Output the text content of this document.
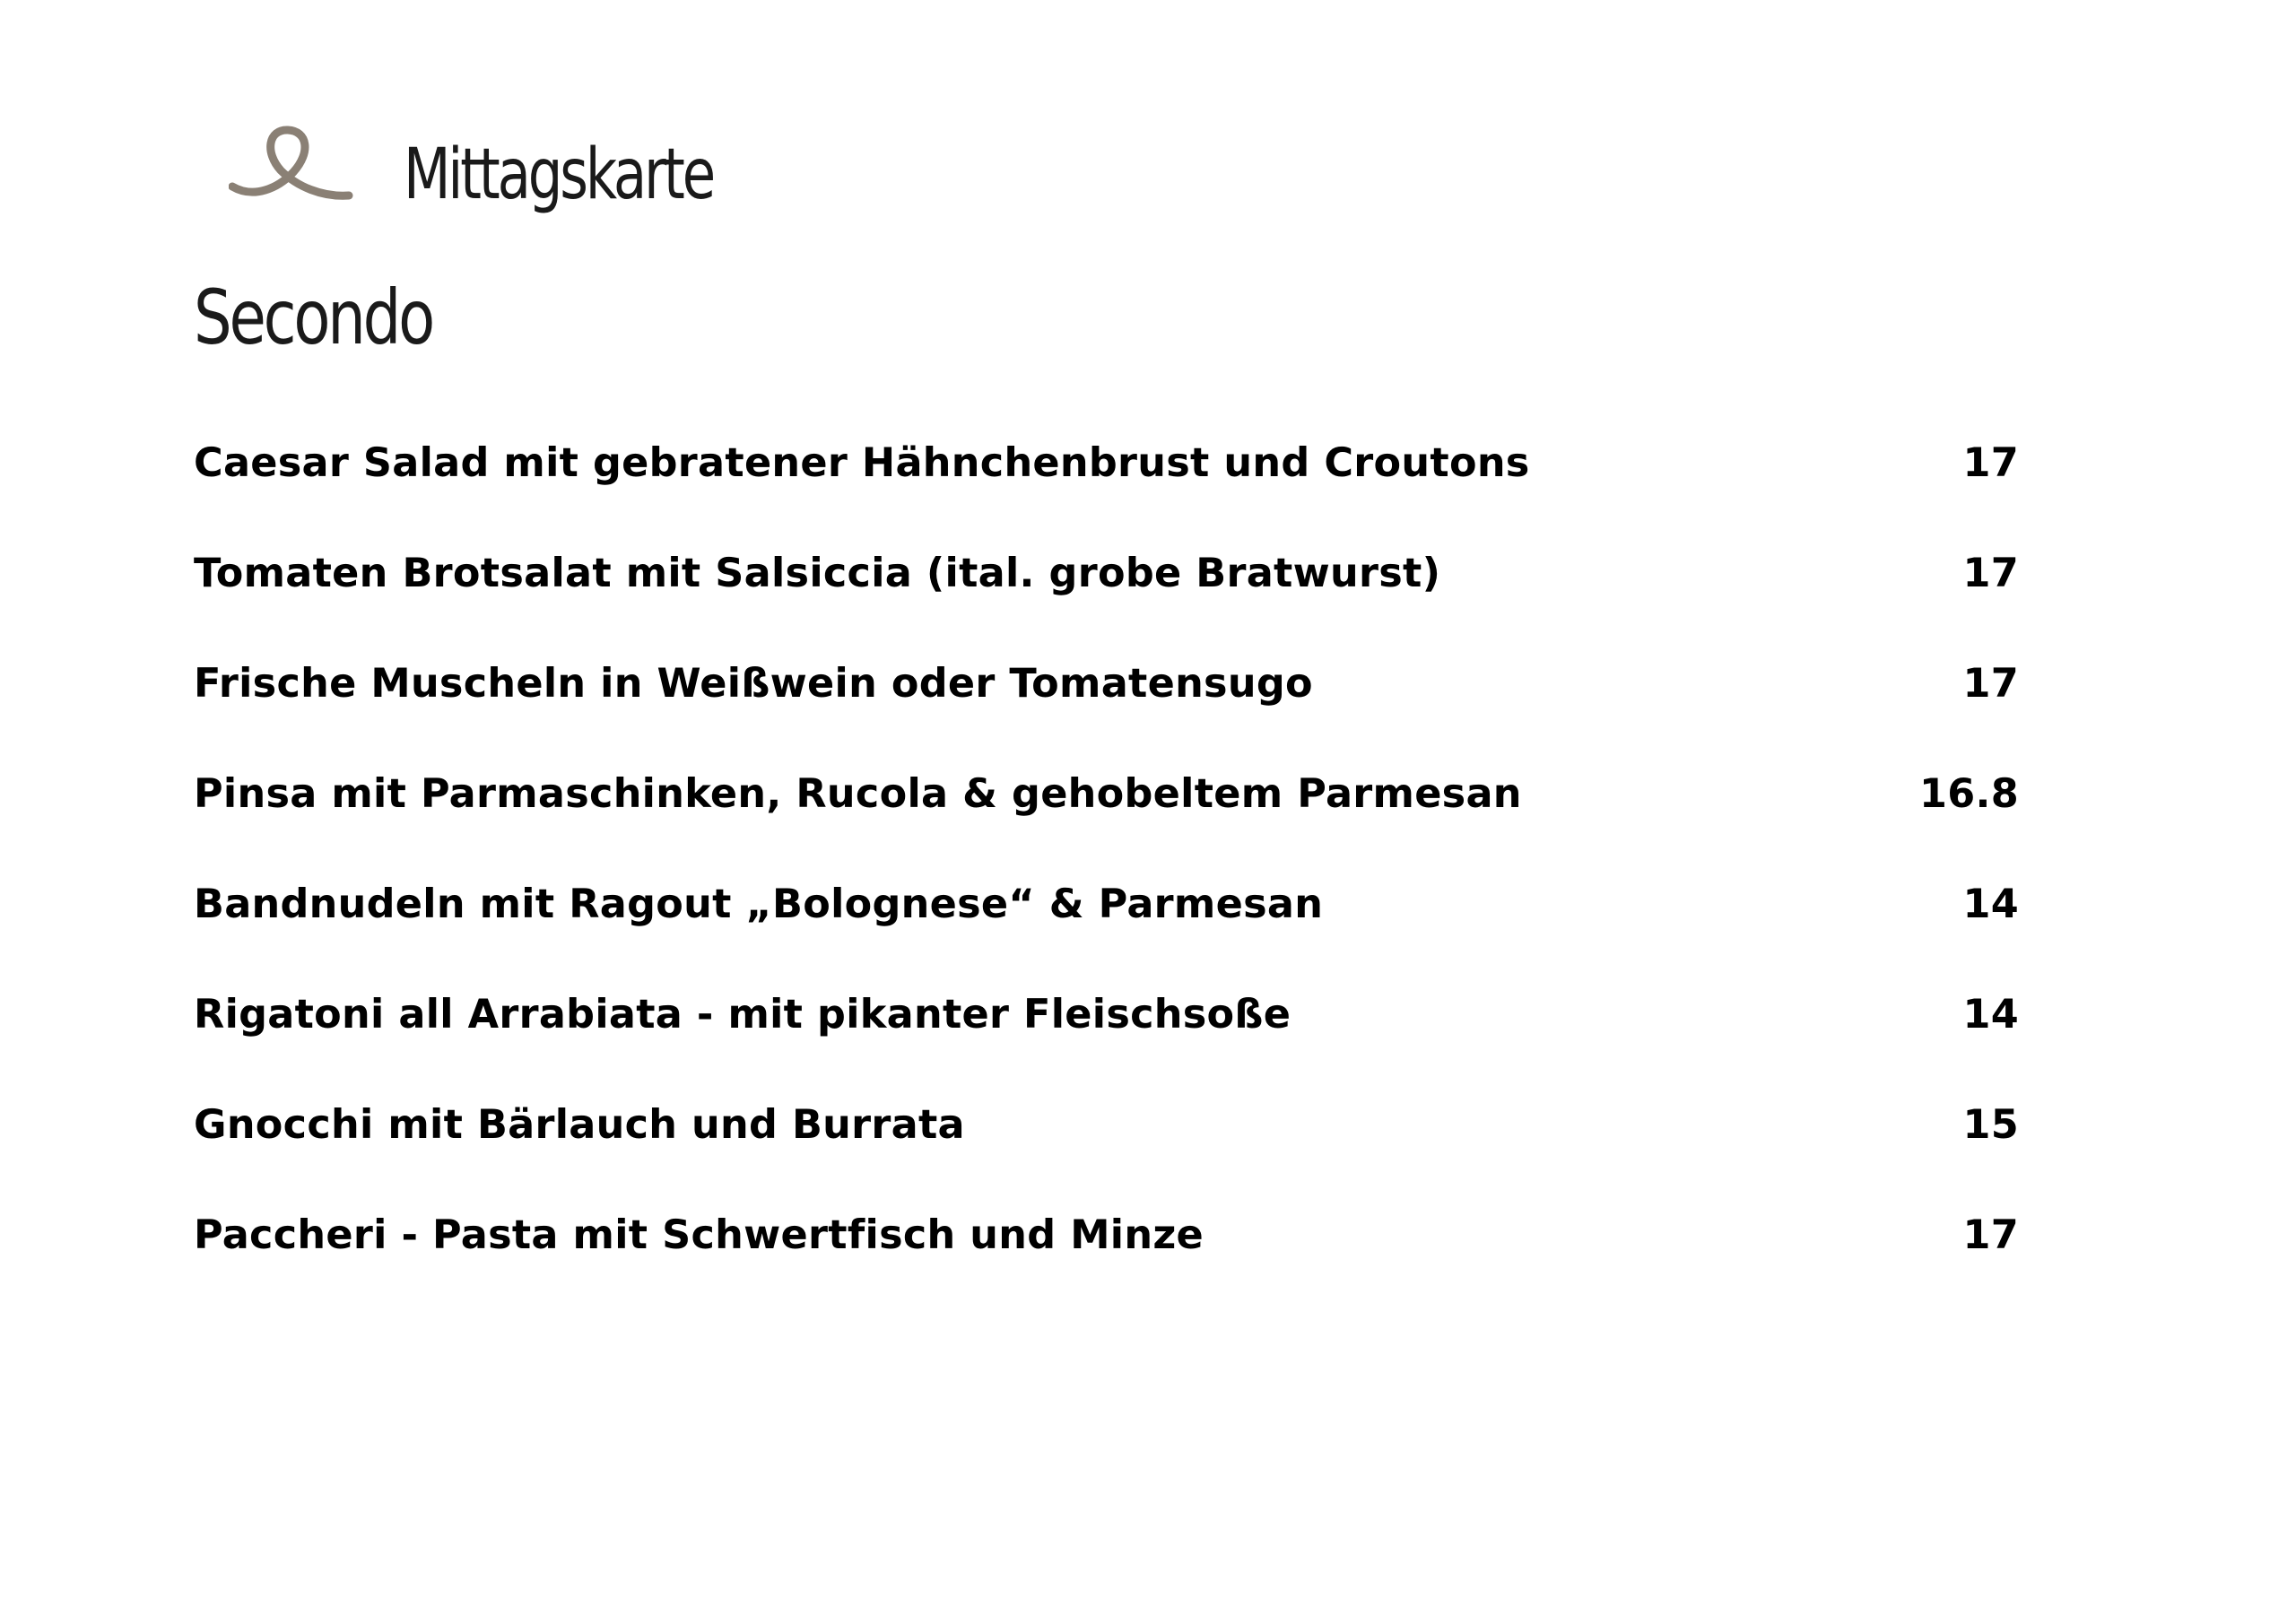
Mittagskarte
Secondo
Caesar Salad mit gebratener Hähnchenbrust und Croutons	17
Tomaten Brotsalat mit Salsiccia (ital. grobe Bratwurst)	17
Frische Muscheln in Weißwein oder Tomatensugo	17
Pinsa mit Parmaschinken, Rucola & gehobeltem Parmesan	16.8
Bandnudeln mit Ragout „Bolognese“ & Parmesan	14
Rigatoni all Arrabiata - mit pikanter Fleischsoße	14
Gnocchi mit Bärlauch und Burrata	15
Paccheri - Pasta mit Schwertfisch und Minze	17
